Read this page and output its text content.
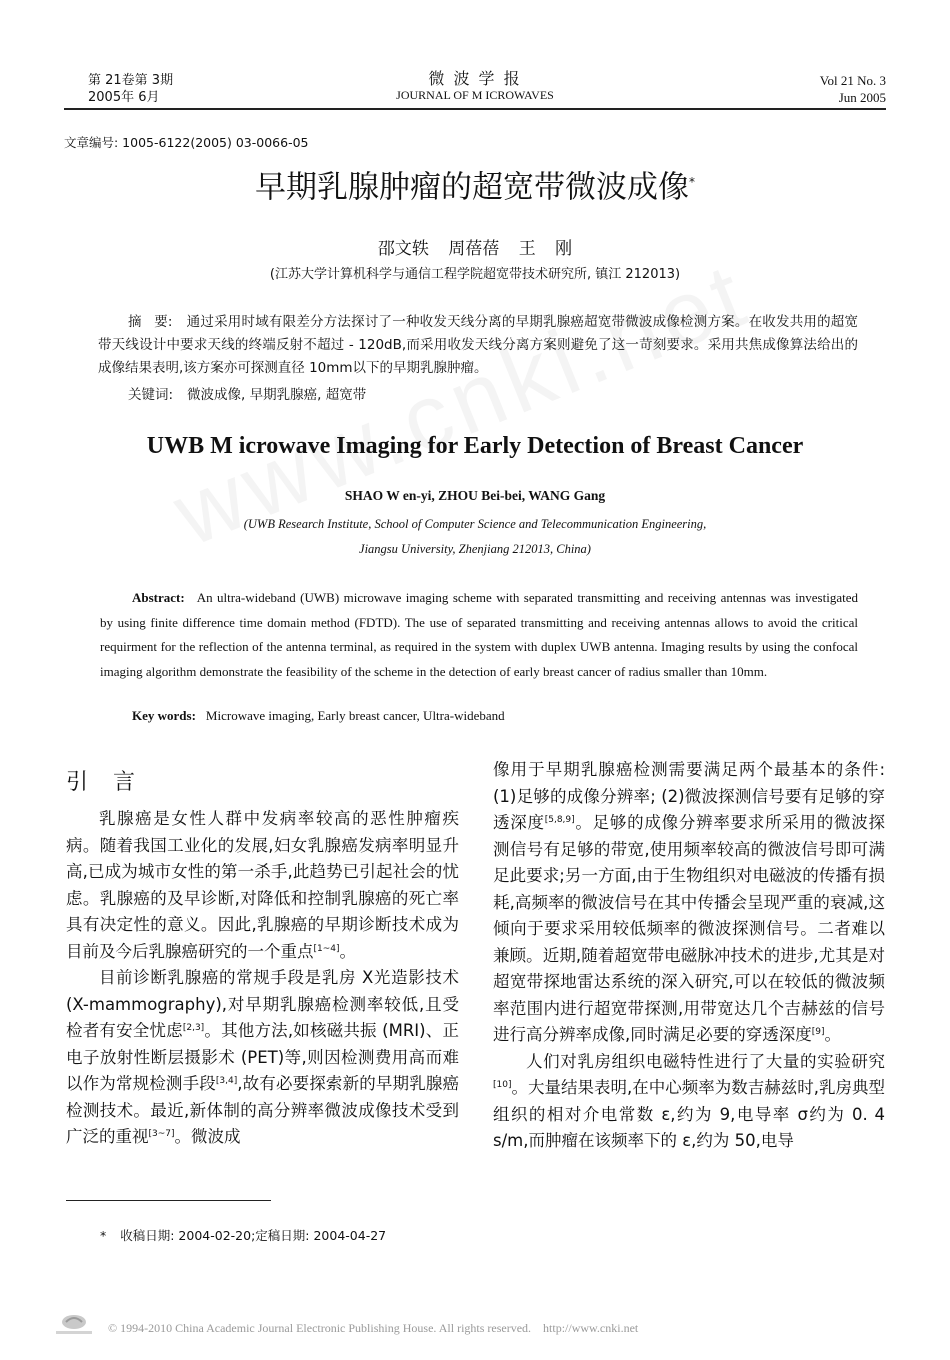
第 21卷第 3期
2005年 6月
微 波 学 报
JOURNAL OF M ICROWAVES
Vol 21 No. 3
Jun 2005
文章编号: 1005-6122(2005) 03-0066-05
早期乳腺肿瘤的超宽带微波成像*
邵文轶 周蓓蓓 王 刚
(江苏大学计算机科学与通信工程学院超宽带技术研究所, 镇江 212013)
摘 要: 通过采用时域有限差分方法探讨了一种收发天线分离的早期乳腺癌超宽带微波成像检测方案。在收发共用的超宽带天线设计中要求天线的终端反射不超过 - 120dB,而采用收发天线分离方案则避免了这一苛刻要求。采用共焦成像算法给出的成像结果表明,该方案亦可探测直径 10mm以下的早期乳腺肿瘤。
关键词: 微波成像, 早期乳腺癌, 超宽带
UWB M icrowave Imaging for Early Detection of Breast Cancer
SHAO W en-yi, ZHOU Bei-bei, WANG Gang
(UWB Research Institute, School of Computer Science and Telecommunication Engineering,
Jiangsu University, Zhenjiang 212013, China)
Abstract: An ultra-wideband (UWB) microwave imaging scheme with separated transmitting and receiving antennas was investigated by using finite difference time domain method (FDTD). The use of separated transmitting and receiving antennas allows to avoid the critical requirment for the reflection of the antenna terminal, as required in the system with duplex UWB antenna. Imaging results by using the confocal imaging algorithm demonstrate the feasibility of the scheme in the detection of early breast cancer of radius smaller than 10mm.
Key words: Microwave imaging, Early breast cancer, Ultra-wideband
引 言

乳腺癌是女性人群中发病率较高的恶性肿瘤疾病。随着我国工业化的发展,妇女乳腺癌发病率明显升高,已成为城市女性的第一杀手,此趋势已引起社会的忧虑。乳腺癌的及早诊断,对降低和控制乳腺癌的死亡率具有决定性的意义。因此,乳腺癌的早期诊断技术成为目前及今后乳腺癌研究的一个重点[1~4]。

目前诊断乳腺癌的常规手段是乳房 X光造影技术 (X-mammography),对早期乳腺癌检测率较低,且受检者有安全忧虑[2,3]。其他方法,如核磁共振 (MRI)、正电子放射性断层摄影术 (PET)等,则因检测费用高而难以作为常规检测手段[3,4],故有必要探索新的早期乳腺癌检测技术。最近,新体制的高分辨率微波成像技术受到广泛的重视[3~7]。微波成

像用于早期乳腺癌检测需要满足两个最基本的条件: (1)足够的成像分辨率; (2)微波探测信号要有足够的穿透深度[5,8,9]。足够的成像分辨率要求所采用的微波探测信号有足够的带宽,使用频率较高的微波信号即可满足此要求;另一方面,由于生物组织对电磁波的传播有损耗,高频率的微波信号在其中传播会呈现严重的衰减,这倾向于要求采用较低频率的微波探测信号。二者难以兼顾。近期,随着超宽带电磁脉冲技术的进步,尤其是对超宽带探地雷达系统的深入研究,可以在较低的微波频率范围内进行超宽带探测,用带宽达几个吉赫兹的信号进行高分辨率成像,同时满足必要的穿透深度[9]。

人们对乳房组织电磁特性进行了大量的实验研究[10]。大量结果表明,在中心频率为数吉赫兹时,乳房典型组织的相对介电常数 ε,约为 9,电导率 σ约为 0. 4 s/m,而肿瘤在该频率下的 ε,约为 50,电导

* 收稿日期: 2004-02-20;定稿日期: 2004-04-27
© 1994-2010 China Academic Journal Electronic Publishing House. All rights reserved.    http://www.cnki.net
